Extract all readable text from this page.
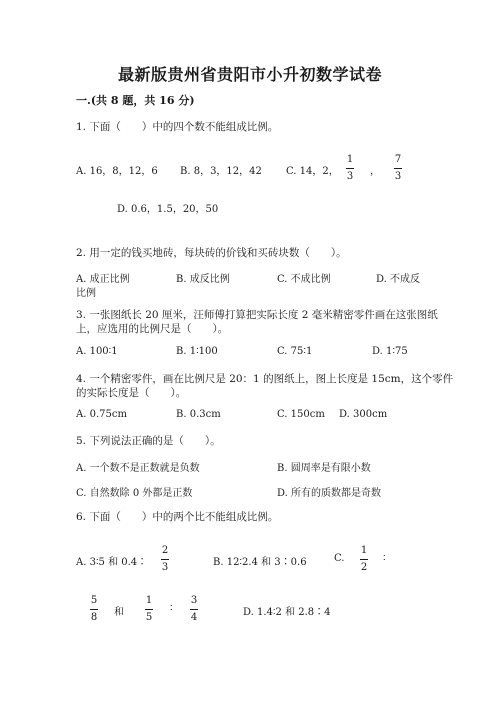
最新版贵州省贵阳市小升初数学试卷
一.(共 8 题，共 16 分)
1. 下面（　　）中的四个数不能组成比例。
A. 16，8，12，6 B. 8，3，12，42 C. 14，2，
1
3 ，
7
3
D. 0.6，1.5，20，50
2. 用一定的钱买地砖，每块砖的价钱和买砖块数（　　）。
A. 成正比例	B. 成反比例	C. 不成比例	D. 不成反
比例
3. 一张图纸长 20 厘米，汪师傅打算把实际长度 2 毫米精密零件画在这张图纸
上，应选用的比例尺是（　　）。
A. 100∶1	B. 1∶100	C. 75∶1	D. 1∶75
4. 一个精密零件，画在比例尺是 20：1 的图纸上，图上长度是 15cm，这个零件
的实际长度是（　　）。
A. 0.75cm	B. 0.3cm	C. 150cm D. 300cm
5. 下列说法正确的是（　　）。
A. 一个数不是正数就是负数	B. 圆周率是有限小数
C. 自然数除 0 外都是正数	D. 所有的质数都是奇数
6. 下面（　　）中的两个比不能组成比例。
A. 3∶5 和 0.4∶
2
3	B. 12∶2.4 和 3∶0.6	C.
1
2
∶
5
8 和
1
5
∶
3
4	D. 1.4∶2 和 2.8∶4
